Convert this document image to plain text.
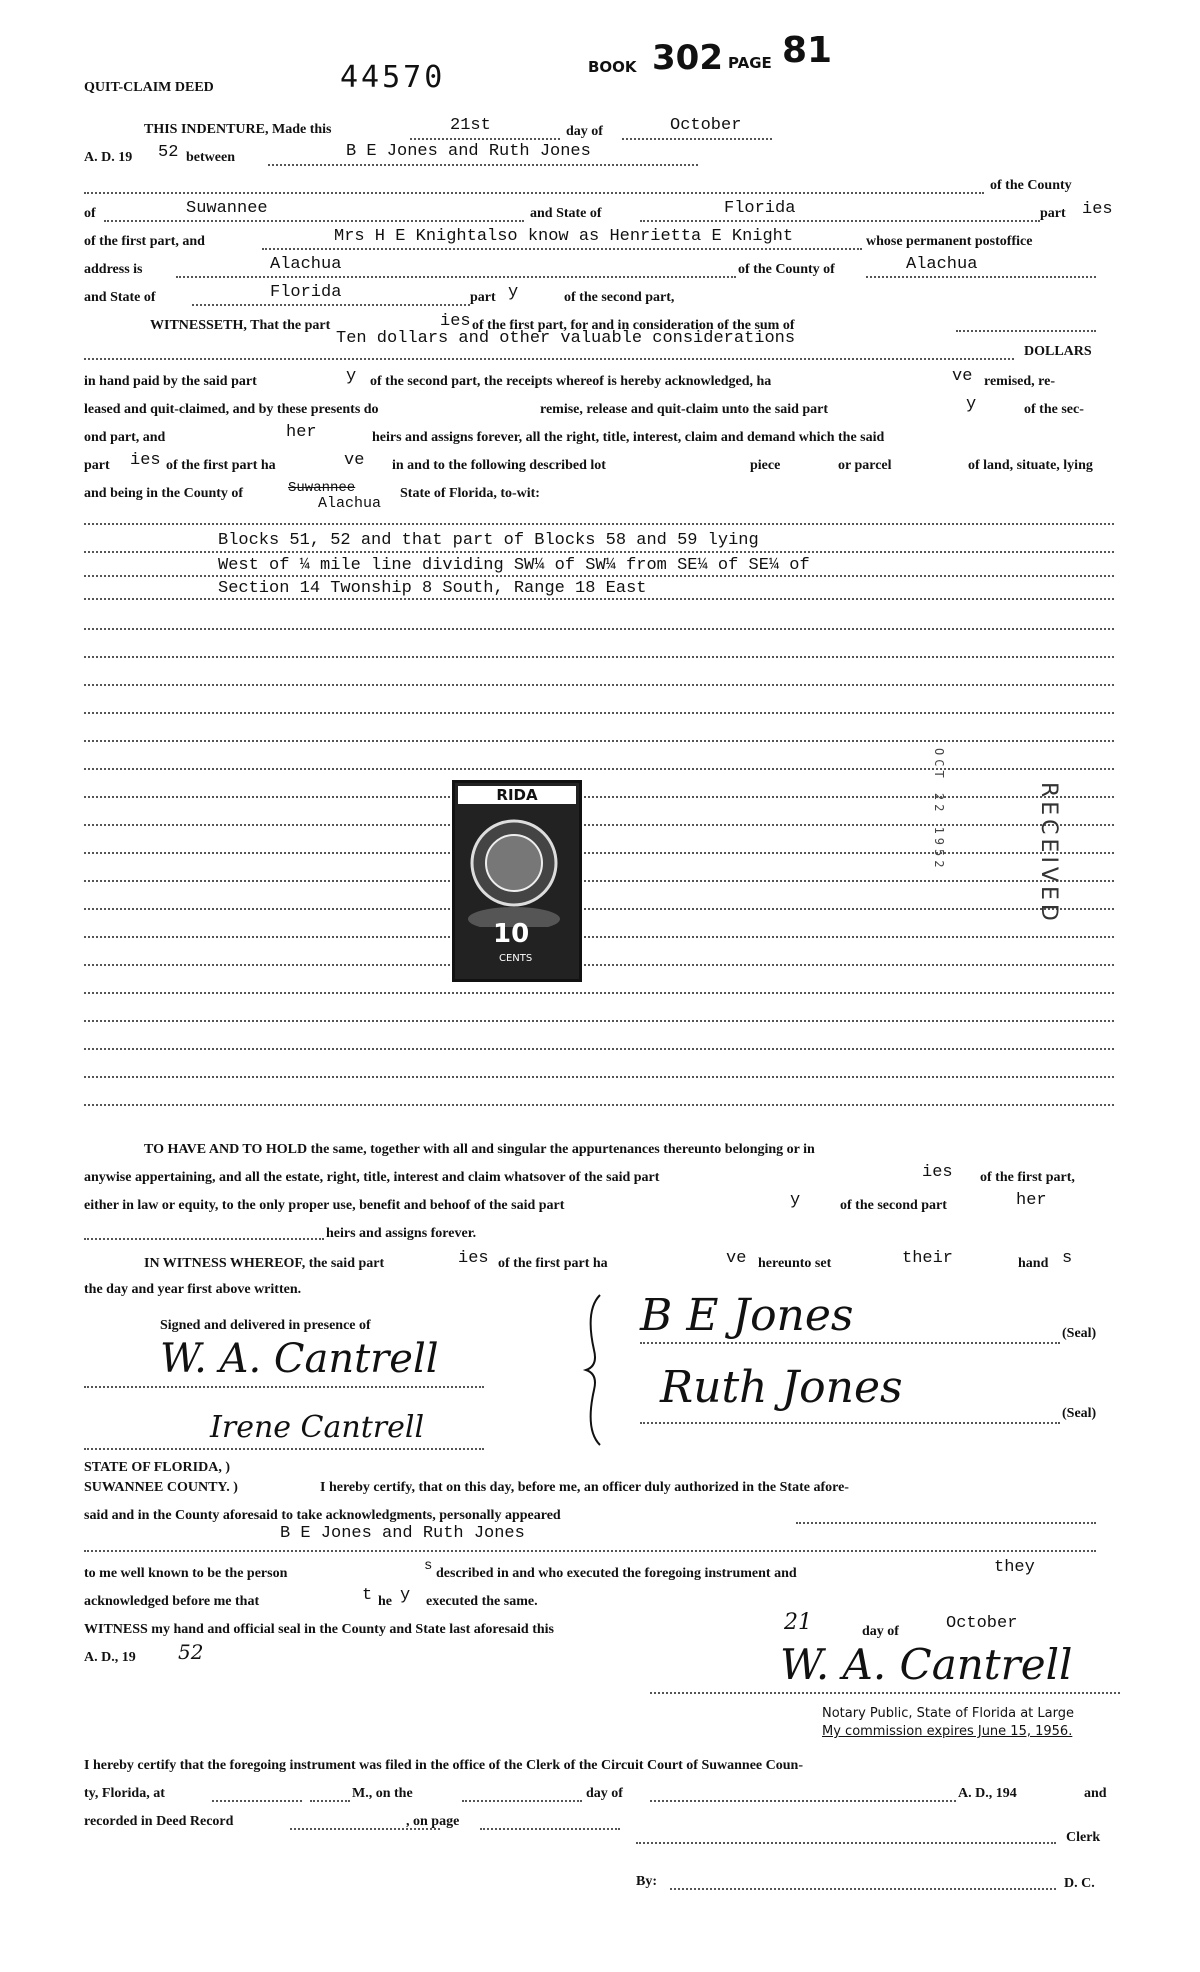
QUIT-CLAIM DEED	44570	BOOK 302 PAGE 81
THIS INDENTURE, Made this	21st	day of	October
A. D. 19 52 between	B E Jones and Ruth Jones
of the County
of	Suwannee	and State of	Florida	part ies
of the first part, and	Mrs H E Knightalso know as Henrietta E Knight	whose permanent postoffice
address is	Alachua	of the County of	Alachua
and State of	Florida	part y	of the second part,
WITNESSETH, That the part	ies of the first part, for and in consideration of the sum of
Ten dollars and other valuable considerations
DOLLARS
in hand paid by the said part	y of the second part, the receipts whereof is hereby acknowledged, ha	ve remised, re-
leased and quit-claimed, and by these presents do	remise, release and quit-claim unto the said part	y	of the sec-
ond part, and	her	heirs and assigns forever, all the right, title, interest, claim and demand which the said
part ies of the first part ha	ve in and to the following described lot	piece	or parcel	of land, situate, lying
and being in the County of	Suwannee
Alachua
State of Florida, to-wit:
Blocks 51, 52 and that part of Blocks 58 and 59 lying
West of ¼ mile line dividing SW¼ of SW¼ from SE¼ of SE¼ of
Section 14 Twonship 8 South, Range 18 East
RIDA
10
CENTS
OCT 22 1952	RECEIVED
TO HAVE AND TO HOLD the same, together with all and singular the appurtenances thereunto belonging or in
anywise appertaining, and all the estate, right, title, interest and claim whatsover of the said part	ies of the first part,
either in law or equity, to the only proper use, benefit and behoof of the said part	y	of the second part	her
heirs and assigns forever.
IN WITNESS WHEREOF, the said part	ies of the first part ha	ve hereunto set	their	hand s
the day and year first above written.
Signed and delivered in presence of	B E Jones	(Seal)
Ruth Jones
(Seal)
W. A. Cantrell
Irene Cantrell
STATE OF FLORIDA, )
SUWANNEE COUNTY. )	I hereby certify, that on this day, before me, an officer duly authorized in the State afore-
said and in the County aforesaid to take acknowledgments, personally appeared
B E Jones and Ruth Jones
to me well known to be the person	s described in and who executed the foregoing instrument and	they
acknowledged before me that	t he y executed the same.
WITNESS my hand and official seal in the County and State last aforesaid this	21	day of	October
A. D., 19 52	W. A. Cantrell
Notary Public, State of Florida at Large
My commission expires June 15, 1956.
I hereby certify that the foregoing instrument was filed in the office of the Clerk of the Circuit Court of Suwannee Coun-
ty, Florida, at	M., on the	day of	A. D., 194	and
recorded in Deed Record	, on page
Clerk
By:	D. C.
